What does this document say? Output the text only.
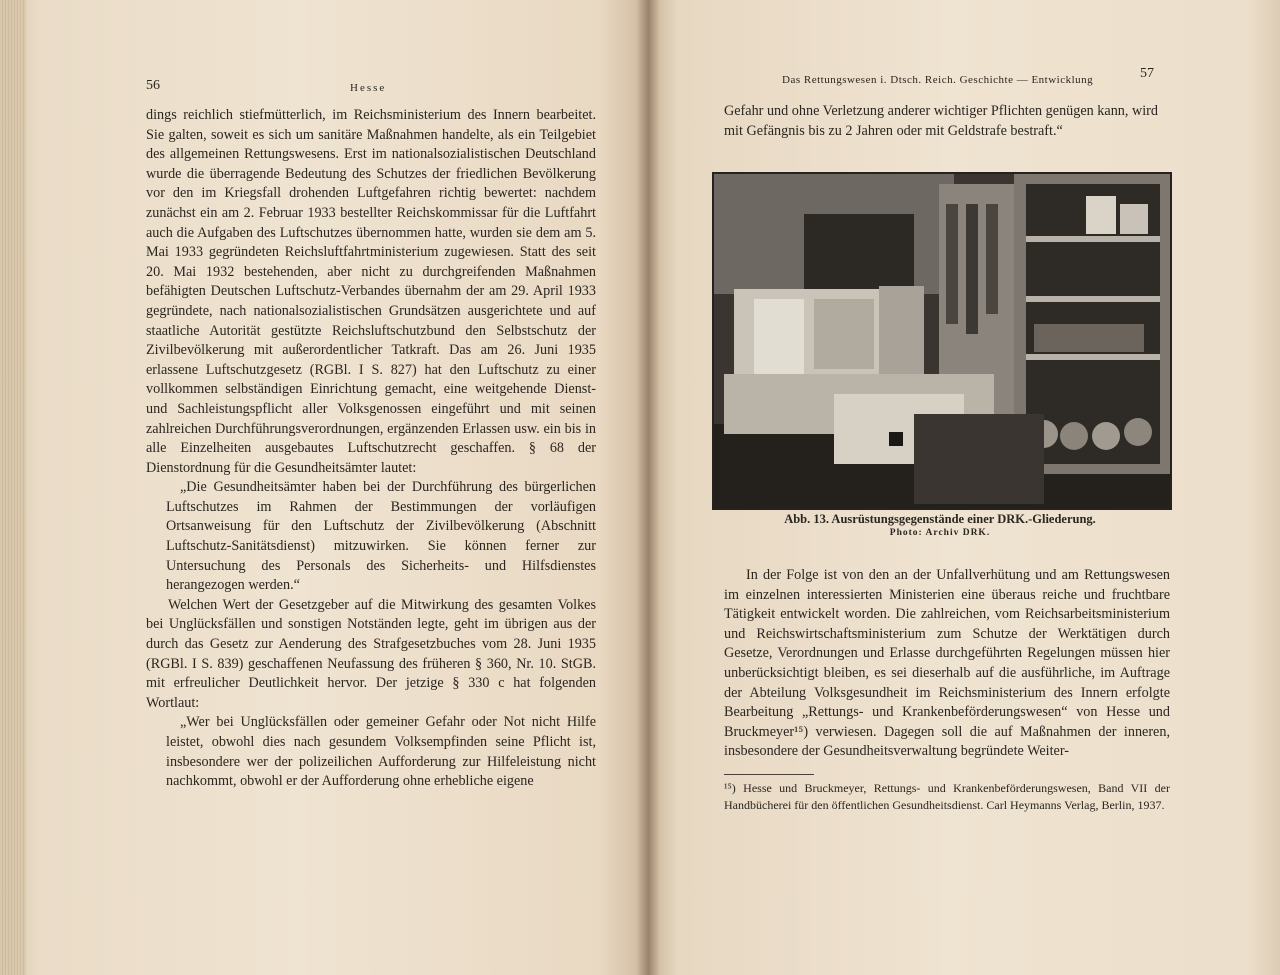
56	Hesse

dings reichlich stiefmütterlich, im Reichsministerium des Innern bearbeitet. Sie galten, soweit es sich um sanitäre Maßnahmen handelte, als ein Teilgebiet des allgemeinen Rettungswesens. Erst im nationalsozialistischen Deutschland wurde die überragende Bedeutung des Schutzes der friedlichen Bevölkerung vor den im Kriegsfall drohenden Luftgefahren richtig bewertet: nachdem zunächst ein am 2. Februar 1933 bestellter Reichskommissar für die Luftfahrt auch die Aufgaben des Luftschutzes übernommen hatte, wurden sie dem am 5. Mai 1933 gegründeten Reichsluftfahrtministerium zugewiesen. Statt des seit 20. Mai 1932 bestehenden, aber nicht zu durchgreifenden Maßnahmen befähigten Deutschen Luftschutz-Verbandes übernahm der am 29. April 1933 gegründete, nach nationalsozialistischen Grundsätzen ausgerichtete und auf staatliche Autorität gestützte Reichsluftschutzbund den Selbstschutz der Zivilbevölkerung mit außerordentlicher Tatkraft. Das am 26. Juni 1935 erlassene Luftschutzgesetz (RGBl. I S. 827) hat den Luftschutz zu einer vollkommen selbständigen Einrichtung gemacht, eine weitgehende Dienst- und Sachleistungspflicht aller Volksgenossen eingeführt und mit seinen zahlreichen Durchführungsverordnungen, ergänzenden Erlassen usw. ein bis in alle Einzelheiten ausgebautes Luftschutzrecht geschaffen. § 68 der Dienstordnung für die Gesundheitsämter lautet:

„Die Gesundheitsämter haben bei der Durchführung des bürgerlichen Luftschutzes im Rahmen der Bestimmungen der vorläufigen Ortsanweisung für den Luftschutz der Zivilbevölkerung (Abschnitt Luftschutz-Sanitätsdienst) mitzuwirken. Sie können ferner zur Untersuchung des Personals des Sicherheits- und Hilfsdienstes herangezogen werden.“

Welchen Wert der Gesetzgeber auf die Mitwirkung des gesamten Volkes bei Unglücksfällen und sonstigen Notständen legte, geht im übrigen aus der durch das Gesetz zur Aenderung des Strafgesetzbuches vom 28. Juni 1935 (RGBl. I S. 839) geschaffenen Neufassung des früheren § 360, Nr. 10. StGB. mit erfreulicher Deutlichkeit hervor. Der jetzige § 330 c hat folgenden Wortlaut:

„Wer bei Unglücksfällen oder gemeiner Gefahr oder Not nicht Hilfe leistet, obwohl dies nach gesundem Volksempfinden seine Pflicht ist, insbesondere wer der polizeilichen Aufforderung zur Hilfeleistung nicht nachkommt, obwohl er der Aufforderung ohne erhebliche eigene

57
Das Rettungswesen i. Dtsch. Reich. Geschichte — Entwicklung

Gefahr und ohne Verletzung anderer wichtiger Pflichten genügen kann, wird mit Gefängnis bis zu 2 Jahren oder mit Geldstrafe bestraft.“

Abb. 13. Ausrüstungsgegenstände einer DRK.-Gliederung.
Photo: Archiv DRK.

In der Folge ist von den an der Unfallverhütung und am Rettungswesen im einzelnen interessierten Ministerien eine überaus reiche und fruchtbare Tätigkeit entwickelt worden. Die zahlreichen, vom Reichsarbeitsministerium und Reichswirtschaftsministerium zum Schutze der Werktätigen durch Gesetze, Verordnungen und Erlasse durchgeführten Regelungen müssen hier unberücksichtigt bleiben, es sei dieserhalb auf die ausführliche, im Auftrage der Abteilung Volksgesundheit im Reichsministerium des Innern erfolgte Bearbeitung „Rettungs- und Krankenbeförderungswesen“ von Hesse und Bruckmeyer¹⁵) verwiesen. Dagegen soll die auf Maßnahmen der inneren, insbesondere der Gesundheitsverwaltung begründete Weiter-

¹⁵) Hesse und Bruckmeyer, Rettungs- und Krankenbeförderungswesen, Band VII der Handbücherei für den öffentlichen Gesundheitsdienst. Carl Heymanns Verlag, Berlin, 1937.
